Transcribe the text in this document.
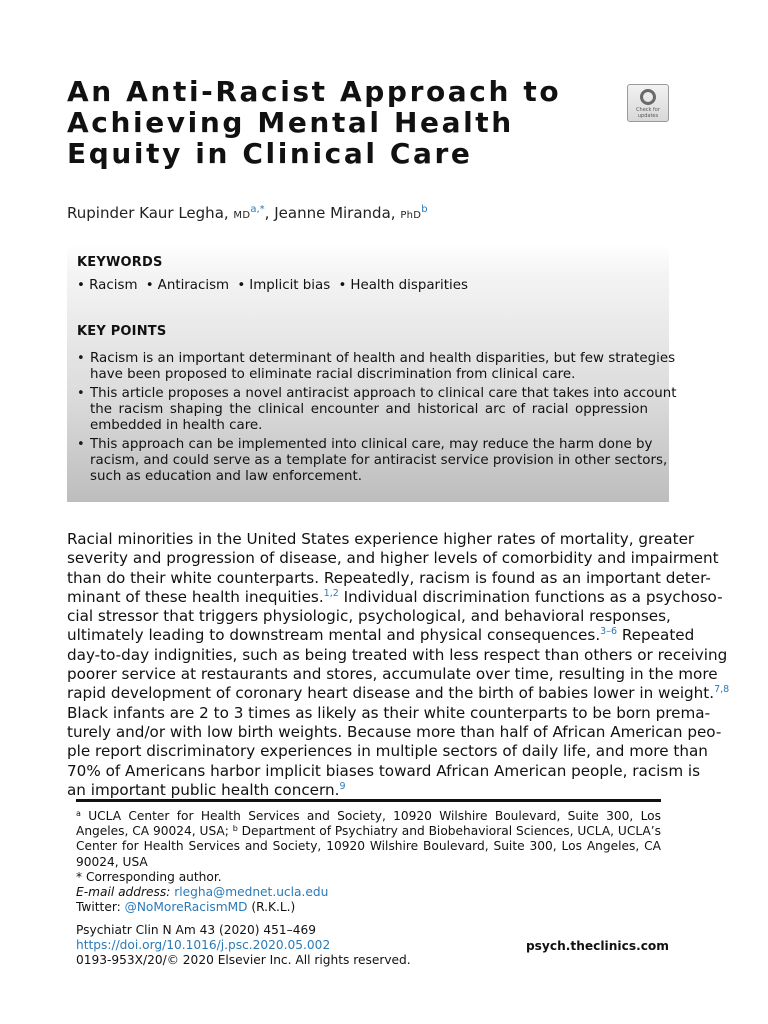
An Anti-Racist Approach to
Achieving Mental Health
Equity in Clinical Care
Check for
updates
Rupinder Kaur Legha, $MD^{a,*}$, Jeanne Miranda, PhD$^b$
KEYWORDS
• Racism • Antiracism • Implicit bias • Health disparities
KEY POINTS
• Racism is an important determinant of health and health disparities, but few strategies
have been proposed to eliminate racial discrimination from clinical care.
• This article proposes a novel antiracist approach to clinical care that takes into account
the racism shaping the clinical encounter and historical arc of racial oppression
embedded in health care.
• This approach can be implemented into clinical care, may reduce the harm done by
racism, and could serve as a template for antiracist service provision in other sectors,
such as education and law enforcement.
Racial minorities in the United States experience higher rates of mortality, greater
severity and progression of disease, and higher levels of comorbidity and impairment
than do their white counterparts. Repeatedly, racism is found as an important deter-
minant of these health inequities.$^{1,2}$ Individual discrimination functions as a psychoso-
cial stressor that triggers physiologic, psychological, and behavioral responses,
ultimately leading to downstream mental and physical consequences.$^{3-6}$ Repeated
day-to-day indignities, such as being treated with less respect than others or receiving
poorer service at restaurants and stores, accumulate over time, resulting in the more
rapid development of coronary heart disease and the birth of babies lower in weight.$^{7,8}$
Black infants are 2 to 3 times as likely as their white counterparts to be born prema-
turely and/or with low birth weights. Because more than half of African American peo-
ple report discriminatory experiences in multiple sectors of daily life, and more than
70% of Americans harbor implicit biases toward African American people, racism is
an important public health concern.$^9$
$^a$ UCLA Center for Health Services and Society, 10920 Wilshire Boulevard, Suite 300, Los
Angeles, CA 90024, USA; $^b$ Department of Psychiatry and Biobehavioral Sciences, UCLA, UCLA’s
Center for Health Services and Society, 10920 Wilshire Boulevard, Suite 300, Los Angeles, CA
90024, USA
* Corresponding author.
E-mail address: rlegha@mednet.ucla.edu
Twitter: @NoMoreRacismMD (R.K.L.)
Psychiatr Clin N Am 43 (2020) 451–469
https://doi.org/10.1016/j.psc.2020.05.002
0193-953X/20/© 2020 Elsevier Inc. All rights reserved.
psych.theclinics.com
